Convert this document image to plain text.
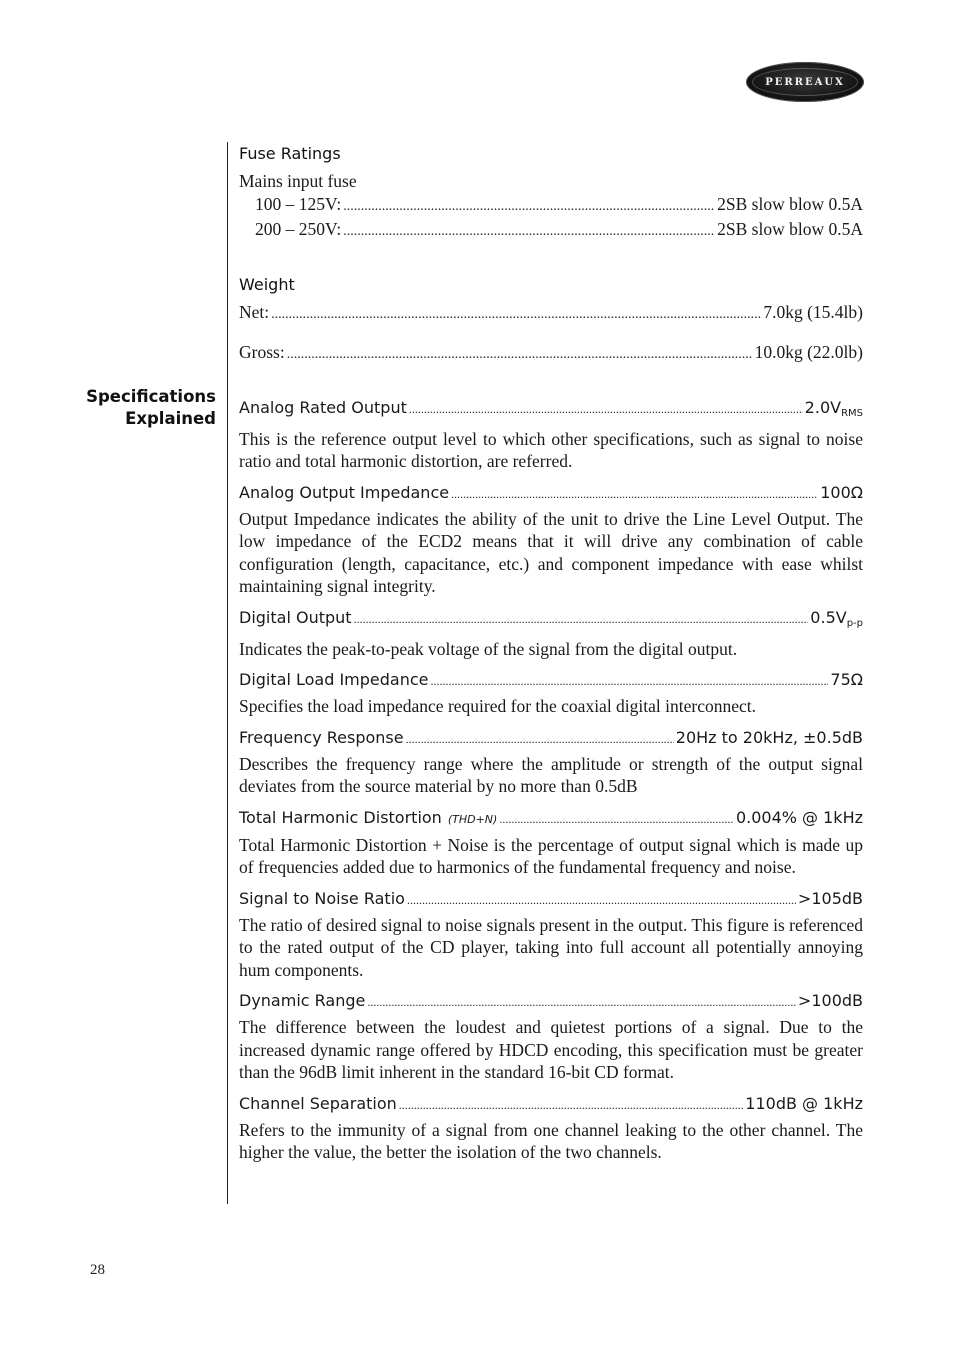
PERREAUX
Specifications
Explained

Fuse Ratings

Mains input fuse

100 – 125V: .....	2SB slow blow 0.5A
200 – 250V: .....	2SB slow blow 0.5A

Weight

Net: .....	7.0kg (15.4lb)
Gross: .....	10.0kg (22.0lb)
Analog Rated Output .....	$2.0V_{RMS}$

This is the reference output level to which other specifications, such as signal to noise ratio and total harmonic distortion, are referred.

Analog Output Impedance .....	100Ω

Output Impedance indicates the ability of the unit to drive the Line Level Output. The low impedance of the ECD2 means that it will drive any combination of cable configuration (length, capacitance, etc.) and component impedance with ease whilst maintaining signal integrity.

Digital Output .....	$0.5V_{p-p}$

Indicates the peak-to-peak voltage of the signal from the digital output.

Digital Load Impedance .....	75Ω

Specifies the load impedance required for the coaxial digital interconnect.

Frequency Response .....	20Hz to 20kHz, ±0.5dB

Describes the frequency range where the amplitude or strength of the output signal deviates from the source material by no more than 0.5dB

Total Harmonic Distortion (THD+N) .....	0.004% @ 1kHz

Total Harmonic Distortion + Noise is the percentage of output signal which is made up of frequencies added due to harmonics of the fundamental frequency and noise.

Signal to Noise Ratio .....	>105dB

The ratio of desired signal to noise signals present in the output. This figure is referenced to the rated output of the CD player, taking into full account all potentially annoying hum components.

Dynamic Range .....	>100dB

The difference between the loudest and quietest portions of a signal. Due to the increased dynamic range offered by HDCD encoding, this specification must be greater than the 96dB limit inherent in the standard 16-bit CD format.

Channel Separation .....	110dB @ 1kHz

Refers to the immunity of a signal from one channel leaking to the other channel. The higher the value, the better the isolation of the two channels.

28
